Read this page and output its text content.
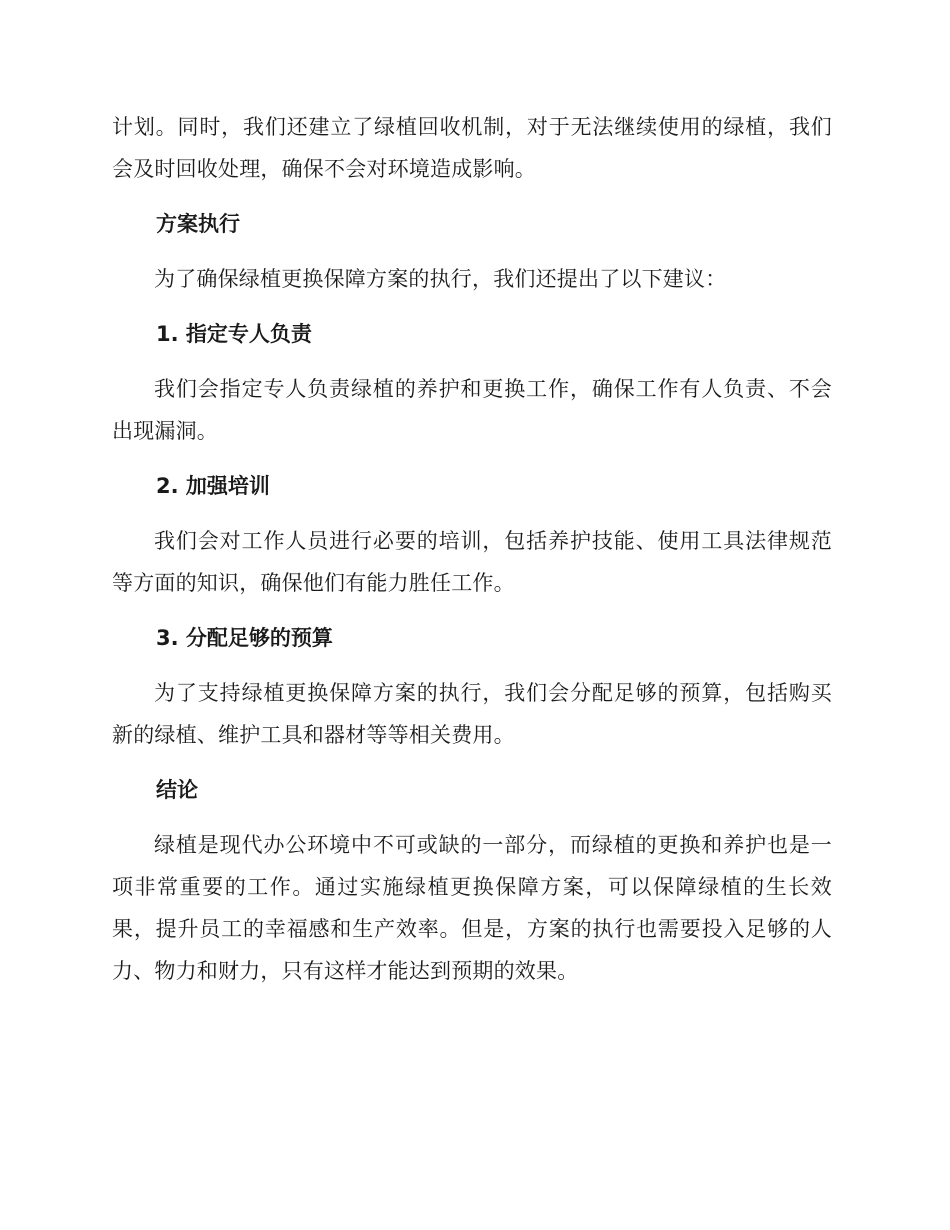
计划。同时，我们还建立了绿植回收机制，对于无法继续使用的绿植，我们会及时回收处理，确保不会对环境造成影响。

方案执行

为了确保绿植更换保障方案的执行，我们还提出了以下建议：

1. 指定专人负责

我们会指定专人负责绿植的养护和更换工作，确保工作有人负责、不会出现漏洞。

2. 加强培训

我们会对工作人员进行必要的培训，包括养护技能、使用工具法律规范等方面的知识，确保他们有能力胜任工作。

3. 分配足够的预算

为了支持绿植更换保障方案的执行，我们会分配足够的预算，包括购买新的绿植、维护工具和器材等等相关费用。

结论

绿植是现代办公环境中不可或缺的一部分，而绿植的更换和养护也是一项非常重要的工作。通过实施绿植更换保障方案，可以保障绿植的生长效果，提升员工的幸福感和生产效率。但是，方案的执行也需要投入足够的人力、物力和财力，只有这样才能达到预期的效果。
